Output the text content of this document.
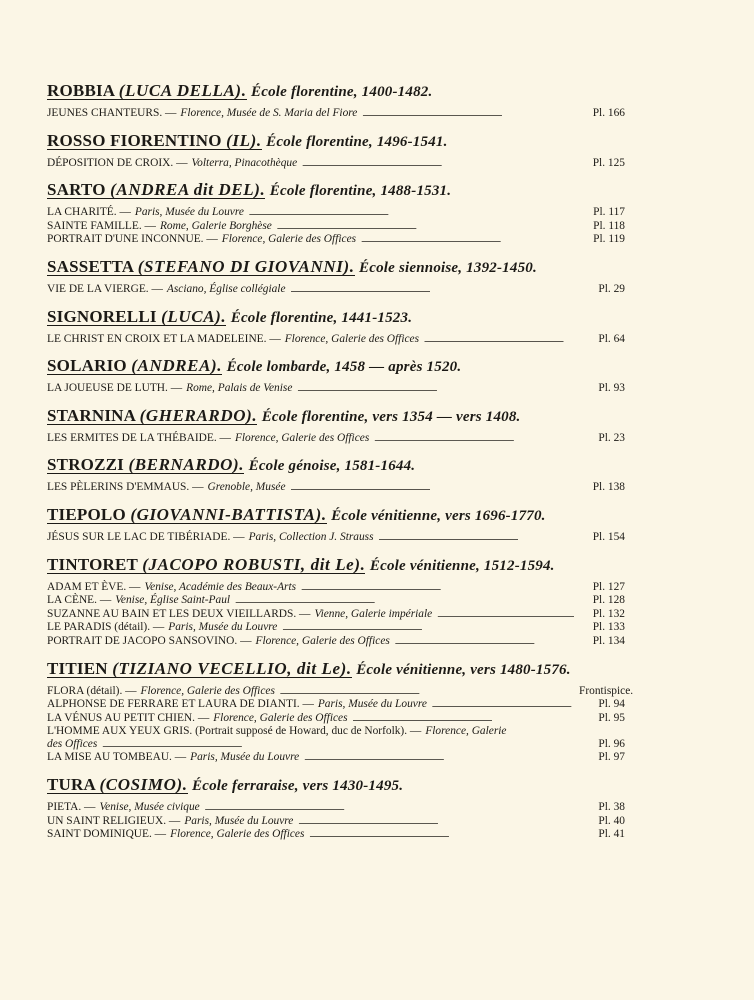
ROBBIA (LUCA DELLA). École florentine, 1400-1482.
JEUNES CHANTEURS. — Florence, Musée de S. Maria del Fiore . . .	Pl. 166
ROSSO FIORENTINO (IL). École florentine, 1496-1541.
DÉPOSITION DE CROIX. — Volterra, Pinacothèque . . .	Pl. 125
SARTO (ANDREA dit DEL). École florentine, 1488-1531.
LA CHARITÉ. — Paris, Musée du Louvre . . .	Pl. 117
SAINTE FAMILLE. — Rome, Galerie Borghèse . . .	Pl. 118
PORTRAIT D'UNE INCONNUE. — Florence, Galerie des Offices . . .	Pl. 119
SASSETTA (STEFANO DI GIOVANNI). École siennoise, 1392-1450.
VIE DE LA VIERGE. — Asciano, Église collégiale . . .	Pl. 29
SIGNORELLI (LUCA). École florentine, 1441-1523.
LE CHRIST EN CROIX ET LA MADELEINE. — Florence, Galerie des Offices . . .	Pl. 64
SOLARIO (ANDREA). École lombarde, 1458 — après 1520.
LA JOUEUSE DE LUTH. — Rome, Palais de Venise . . .	Pl. 93
STARNINA (GHERARDO). École florentine, vers 1354 — vers 1408.
LES ERMITES DE LA THÉBAIDE. — Florence, Galerie des Offices . . .	Pl. 23
STROZZI (BERNARDO). École génoise, 1581-1644.
LES PÈLERINS D'EMMAUS. — Grenoble, Musée . . .	Pl. 138
TIEPOLO (GIOVANNI-BATTISTA). École vénitienne, vers 1696-1770.
JÉSUS SUR LE LAC DE TIBÉRIADE. — Paris, Collection J. Strauss . . .	Pl. 154
TINTORET (JACOPO ROBUSTI, dit Le). École vénitienne, 1512-1594.
ADAM ET ÈVE. — Venise, Académie des Beaux-Arts . . .	Pl. 127
LA CÈNE. — Venise, Église Saint-Paul . . .	Pl. 128
SUZANNE AU BAIN ET LES DEUX VIEILLARDS. — Vienne, Galerie impériale . . .	Pl. 132
LE PARADIS (détail). — Paris, Musée du Louvre . . .	Pl. 133
PORTRAIT DE JACOPO SANSOVINO. — Florence, Galerie des Offices . . .	Pl. 134
TITIEN (TIZIANO VECELLIO, dit Le). École vénitienne, vers 1480-1576.
FLORA (détail). — Florence, Galerie des Offices . . .	Frontispice.
ALPHONSE DE FERRARE ET LAURA DE DIANTI. — Paris, Musée du Louvre . . .	Pl. 94
LA VÉNUS AU PETIT CHIEN. — Florence, Galerie des Offices . . .	Pl. 95
L'HOMME AUX YEUX GRIS. (Portrait supposé de Howard, duc de Norfolk). — Florence, Galerie
des Offices . . .	Pl. 96
LA MISE AU TOMBEAU. — Paris, Musée du Louvre . . .	Pl. 97
TURA (COSIMO). École ferraraise, vers 1430-1495.
PIETA. — Venise, Musée civique . . .	Pl. 38
UN SAINT RELIGIEUX. — Paris, Musée du Louvre . . .	Pl. 40
SAINT DOMINIQUE. — Florence, Galerie des Offices . . .	Pl. 41
